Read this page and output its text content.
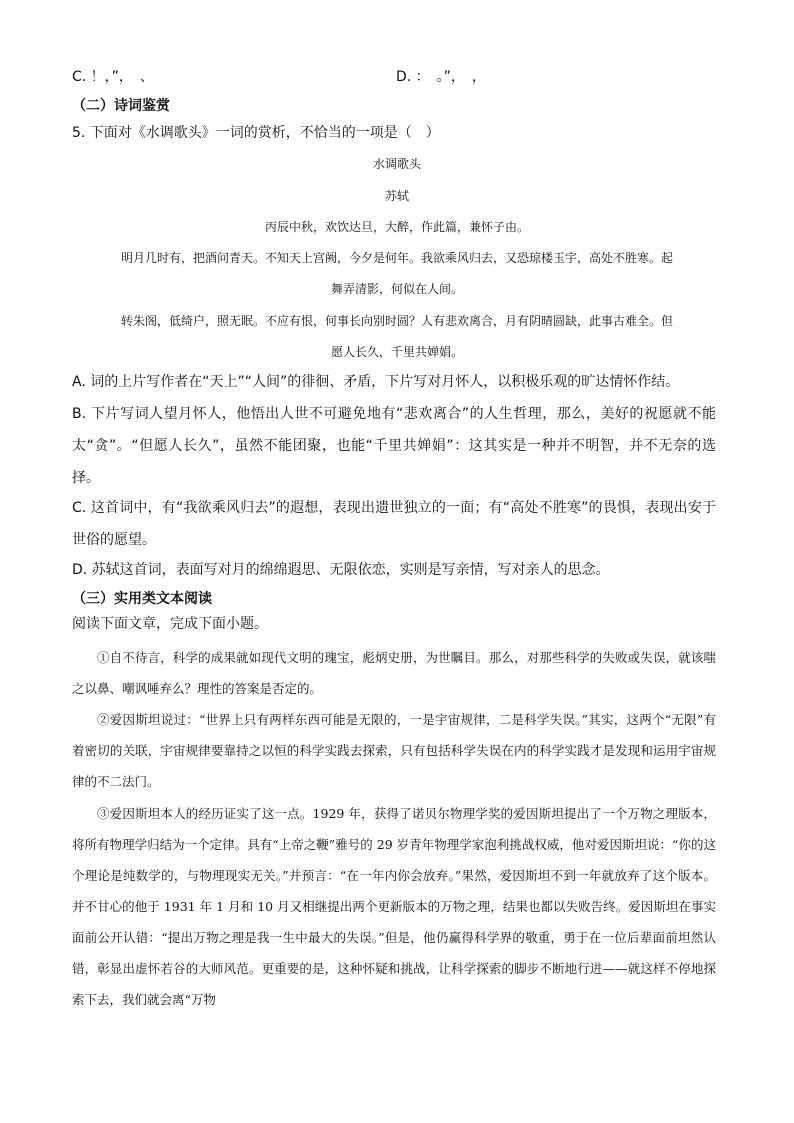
C. ！，”，　、	D. ：　。”，　，
（二）诗词鉴赏
5. 下面对《水调歌头》一词的赏析，不恰当的一项是（　）
水调歌头
苏轼
丙辰中秋，欢饮达旦，大醉，作此篇，兼怀子由。
明月几时有，把酒问青天。不知天上宫阙，今夕是何年。我欲乘风归去，又恐琼楼玉宇，高处不胜寒。起
舞弄清影，何似在人间。
转朱阁，低绮户，照无眠。不应有恨，何事长向别时圆？人有悲欢离合，月有阴晴圆缺，此事古难全。但
愿人长久，千里共婵娟。
A. 词的上片写作者在“天上”“人间”的徘徊、矛盾，下片写对月怀人，以积极乐观的旷达情怀作结。
B. 下片写词人望月怀人，他悟出人世不可避免地有“悲欢离合”的人生哲理，那么，美好的祝愿就不能太“贪”。“但愿人长久”，虽然不能团聚，也能“千里共婵娟”：这其实是一种并不明智，并不无奈的选择。
C. 这首词中，有“我欲乘风归去”的遐想，表现出遗世独立的一面；有“高处不胜寒”的畏惧，表现出安于世俗的愿望。
D. 苏轼这首词，表面写对月的绵绵遐思、无限依恋，实则是写亲情，写对亲人的思念。
（三）实用类文本阅读
阅读下面文章，完成下面小题。
①自不待言，科学的成果就如现代文明的瑰宝，彪炳史册，为世瞩目。那么，对那些科学的失败或失误，就该嗤之以鼻、嘲讽唾弃么？理性的答案是否定的。
②爱因斯坦说过：“世界上只有两样东西可能是无限的，一是宇宙规律，二是科学失误。”其实，这两个“无限”有着密切的关联，宇宙规律要靠持之以恒的科学实践去探索，只有包括科学失误在内的科学实践才是发现和运用宇宙规律的不二法门。
③爱因斯坦本人的经历证实了这一点。1929 年，获得了诺贝尔物理学奖的爱因斯坦提出了一个万物之理版本，将所有物理学归结为一个定律。具有“上帝之鞭”雅号的 29 岁青年物理学家泡利挑战权威，他对爱因斯坦说：“你的这个理论是纯数学的，与物理现实无关。”并预言：“在一年内你会放弃。”果然，爱因斯坦不到一年就放弃了这个版本。并不甘心的他于 1931 年 1 月和 10 月又相继提出两个更新版本的万物之理，结果也都以失败告终。爱因斯坦在事实面前公开认错：“提出万物之理是我一生中最大的失误。”但是，他仍赢得科学界的敬重，勇于在一位后辈面前坦然认错，彰显出虚怀若谷的大师风范。更重要的是，这种怀疑和挑战，让科学探索的脚步不断地行进——就这样不停地探索下去，我们就会离“万物
